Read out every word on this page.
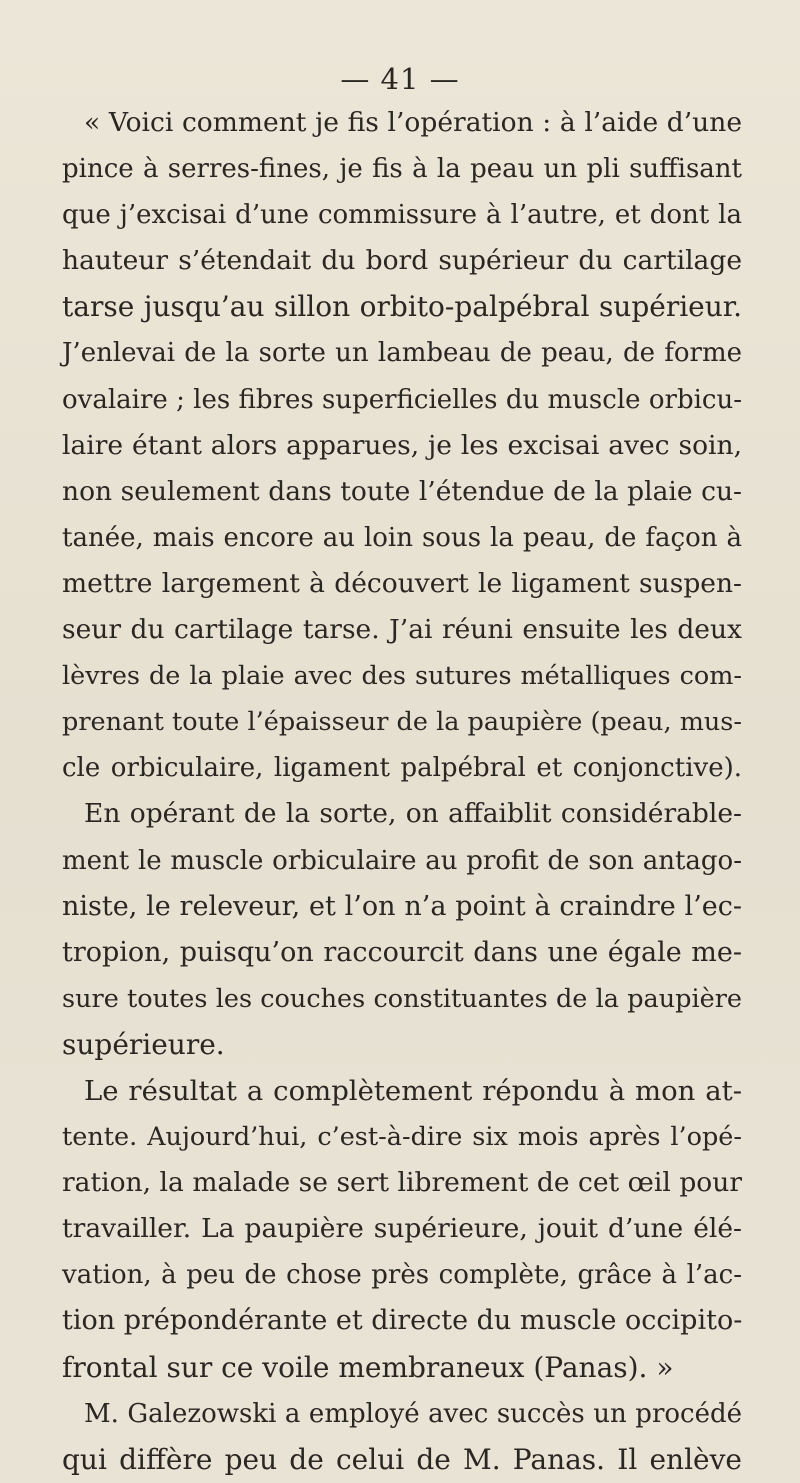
— 41 —
« Voici comment je fis l’opération : à l’aide d’une
pince à serres-fines, je fis à la peau un pli suffisant
que j’excisai d’une commissure à l’autre, et dont la
hauteur s’étendait du bord supérieur du cartilage
tarse jusqu’au sillon orbito-palpébral supérieur.
J’enlevai de la sorte un lambeau de peau, de forme
ovalaire ; les fibres superficielles du muscle orbicu-
laire étant alors apparues, je les excisai avec soin,
non seulement dans toute l’étendue de la plaie cu-
tanée, mais encore au loin sous la peau, de façon à
mettre largement à découvert le ligament suspen-
seur du cartilage tarse. J’ai réuni ensuite les deux
lèvres de la plaie avec des sutures métalliques com-
prenant toute l’épaisseur de la paupière (peau, mus-
cle orbiculaire, ligament palpébral et conjonctive).
En opérant de la sorte, on affaiblit considérable-
ment le muscle orbiculaire au profit de son antago-
niste, le releveur, et l’on n’a point à craindre l’ec-
tropion, puisqu’on raccourcit dans une égale me-
sure toutes les couches constituantes de la paupière
supérieure.
Le résultat a complètement répondu à mon at-
tente. Aujourd’hui, c’est-à-dire six mois après l’opé-
ration, la malade se sert librement de cet œil pour
travailler. La paupière supérieure, jouit d’une élé-
vation, à peu de chose près complète, grâce à l’ac-
tion prépondérante et directe du muscle occipito-
frontal sur ce voile membraneux (Panas). »
M. Galezowski a employé avec succès un procédé
qui diffère peu de celui de M. Panas. Il enlève
